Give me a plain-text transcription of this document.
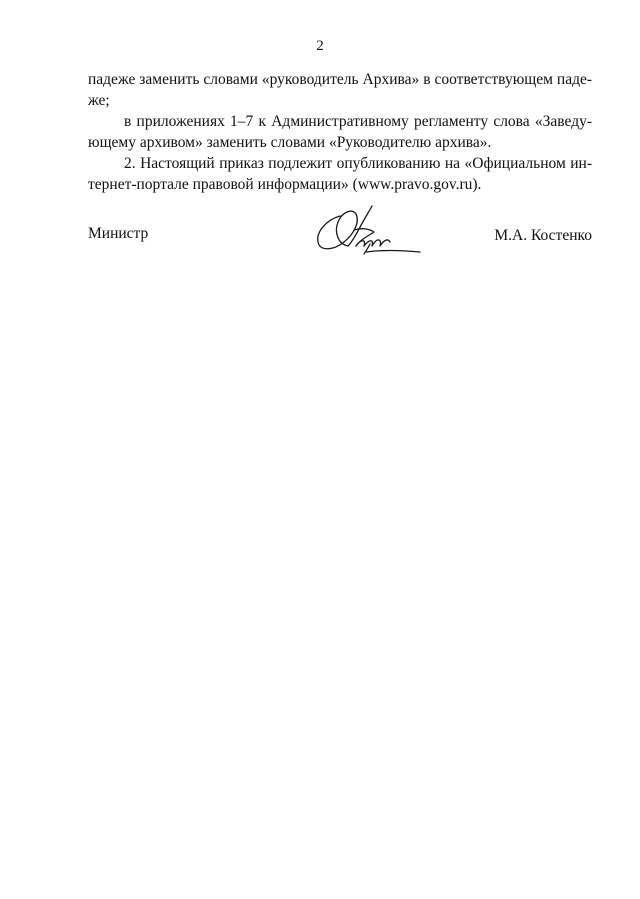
2

падеже заменить словами «руководитель Архива» в соответствующем паде-же;

в приложениях 1–7 к Административному регламенту слова «Заведу-ющему архивом» заменить словами «Руководителю архива».

2. Настоящий приказ подлежит опубликованию на «Официальном ин-тернет-портале правовой информации» (www.pravo.gov.ru).

Министр	М.А. Костенко
